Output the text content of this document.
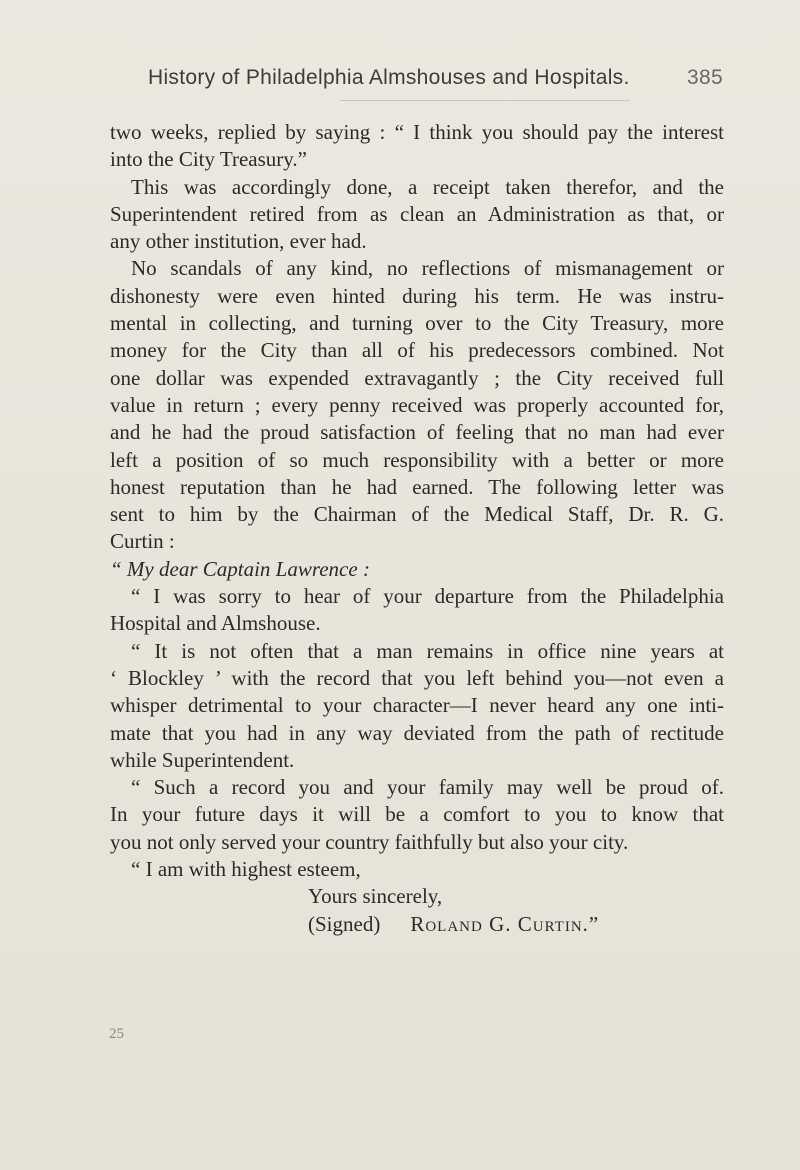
History of Philadelphia Almshouses and Hospitals.	385
two weeks, replied by saying : “ I think you should pay the interest
into the City Treasury.”
This was accordingly done, a receipt taken therefor, and the
Superintendent retired from as clean an Administration as that, or
any other institution, ever had.
No scandals of any kind, no reflections of mismanagement or
dishonesty were even hinted during his term. He was instru-
mental in collecting, and turning over to the City Treasury, more
money for the City than all of his predecessors combined. Not
one dollar was expended extravagantly ; the City received full
value in return ; every penny received was properly accounted for,
and he had the proud satisfaction of feeling that no man had ever
left a position of so much responsibility with a better or more
honest reputation than he had earned. The following letter was
sent to him by the Chairman of the Medical Staff, Dr. R. G.
Curtin :
“ My dear Captain Lawrence :
“ I was sorry to hear of your departure from the Philadelphia
Hospital and Almshouse.
“ It is not often that a man remains in office nine years at
‘ Blockley ’ with the record that you left behind you—not even a
whisper detrimental to your character—I never heard any one inti-
mate that you had in any way deviated from the path of rectitude
while Superintendent.
“ Such a record you and your family may well be proud of.
In your future days it will be a comfort to you to know that
you not only served your country faithfully but also your city.
“ I am with highest esteem,
Yours sincerely,
(Signed) Roland G. Curtin.”
25
